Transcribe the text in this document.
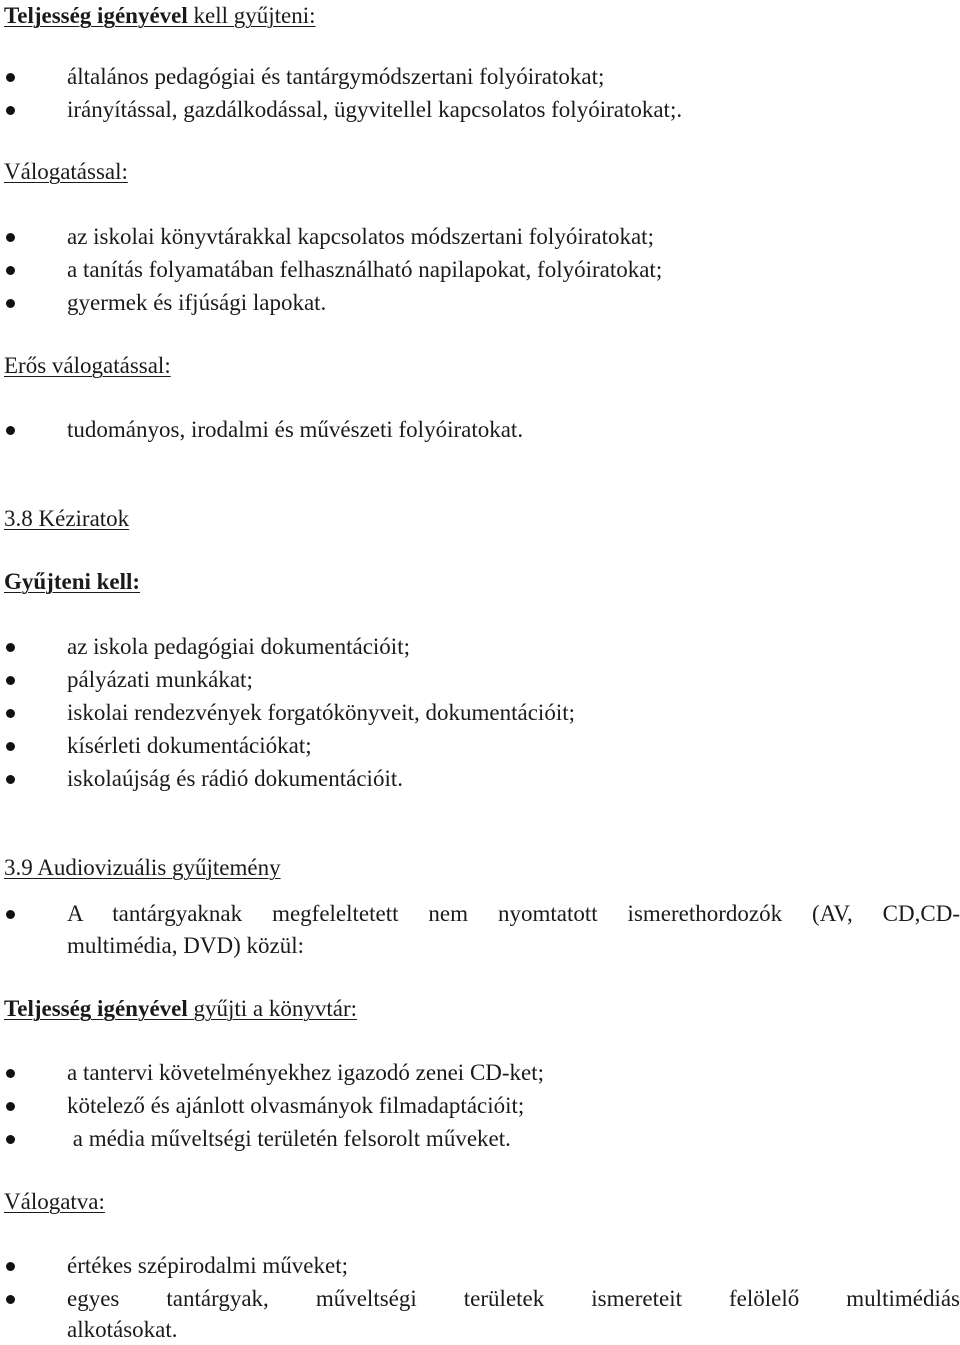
Teljesség igényével kell gyűjteni:
általános pedagógiai és tantárgymódszertani folyóiratokat;
irányítással, gazdálkodással, ügyvitellel kapcsolatos folyóiratokat;.
Válogatással:
az iskolai könyvtárakkal kapcsolatos módszertani folyóiratokat;
a tanítás folyamatában felhasználható napilapokat, folyóiratokat;
gyermek és ifjúsági lapokat.
Erős válogatással:
tudományos, irodalmi és művészeti folyóiratokat.
3.8 Kéziratok
Gyűjteni kell:
az iskola pedagógiai dokumentációit;
pályázati munkákat;
iskolai rendezvények forgatókönyveit, dokumentációit;
kísérleti dokumentációkat;
iskolaújság és rádió dokumentációit.
3.9 Audiovizuális gyűjtemény
A tantárgyaknak megfeleltetett nem nyomtatott ismerethordozók (AV, CD,CD-
multimédia, DVD) közül:
Teljesség igényével gyűjti a könyvtár:
a tantervi követelményekhez igazodó zenei CD-ket;
kötelező és ajánlott olvasmányok filmadaptációit;
a média műveltségi területén felsorolt műveket.
Válogatva:
értékes szépirodalmi műveket;
egyes tantárgyak, műveltségi területek ismereteit felölelő multimédiás
alkotásokat.
